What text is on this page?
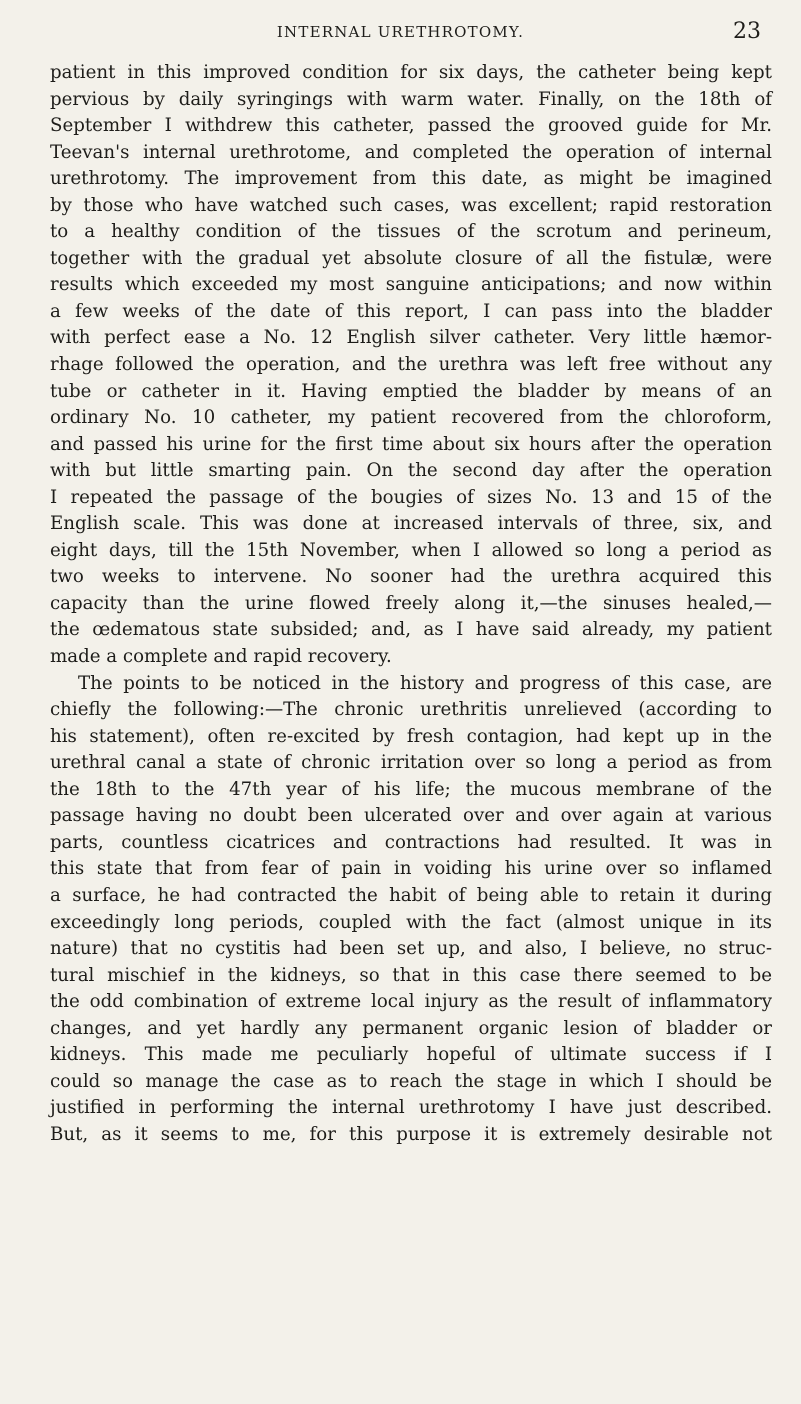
INTERNAL URETHROTOMY.	23
patient in this improved condition for six days, the catheter being kept
pervious by daily syringings with warm water. Finally, on the 18th of
September I withdrew this catheter, passed the grooved guide for Mr.
Teevan's internal urethrotome, and completed the operation of internal
urethrotomy. The improvement from this date, as might be imagined
by those who have watched such cases, was excellent; rapid restoration
to a healthy condition of the tissues of the scrotum and perineum,
together with the gradual yet absolute closure of all the fistulæ, were
results which exceeded my most sanguine anticipations; and now within
a few weeks of the date of this report, I can pass into the bladder
with perfect ease a No. 12 English silver catheter. Very little hæmor-
rhage followed the operation, and the urethra was left free without any
tube or catheter in it. Having emptied the bladder by means of an
ordinary No. 10 catheter, my patient recovered from the chloroform,
and passed his urine for the first time about six hours after the operation
with but little smarting pain. On the second day after the operation
I repeated the passage of the bougies of sizes No. 13 and 15 of the
English scale. This was done at increased intervals of three, six, and
eight days, till the 15th November, when I allowed so long a period as
two weeks to intervene. No sooner had the urethra acquired this
capacity than the urine flowed freely along it,—the sinuses healed,—
the œdematous state subsided; and, as I have said already, my patient
made a complete and rapid recovery.
The points to be noticed in the history and progress of this case, are
chiefly the following:—The chronic urethritis unrelieved (according to
his statement), often re-excited by fresh contagion, had kept up in the
urethral canal a state of chronic irritation over so long a period as from
the 18th to the 47th year of his life; the mucous membrane of the
passage having no doubt been ulcerated over and over again at various
parts, countless cicatrices and contractions had resulted. It was in
this state that from fear of pain in voiding his urine over so inflamed
a surface, he had contracted the habit of being able to retain it during
exceedingly long periods, coupled with the fact (almost unique in its
nature) that no cystitis had been set up, and also, I believe, no struc-
tural mischief in the kidneys, so that in this case there seemed to be
the odd combination of extreme local injury as the result of inflammatory
changes, and yet hardly any permanent organic lesion of bladder or
kidneys. This made me peculiarly hopeful of ultimate success if I
could so manage the case as to reach the stage in which I should be
justified in performing the internal urethrotomy I have just described.
But, as it seems to me, for this purpose it is extremely desirable not
